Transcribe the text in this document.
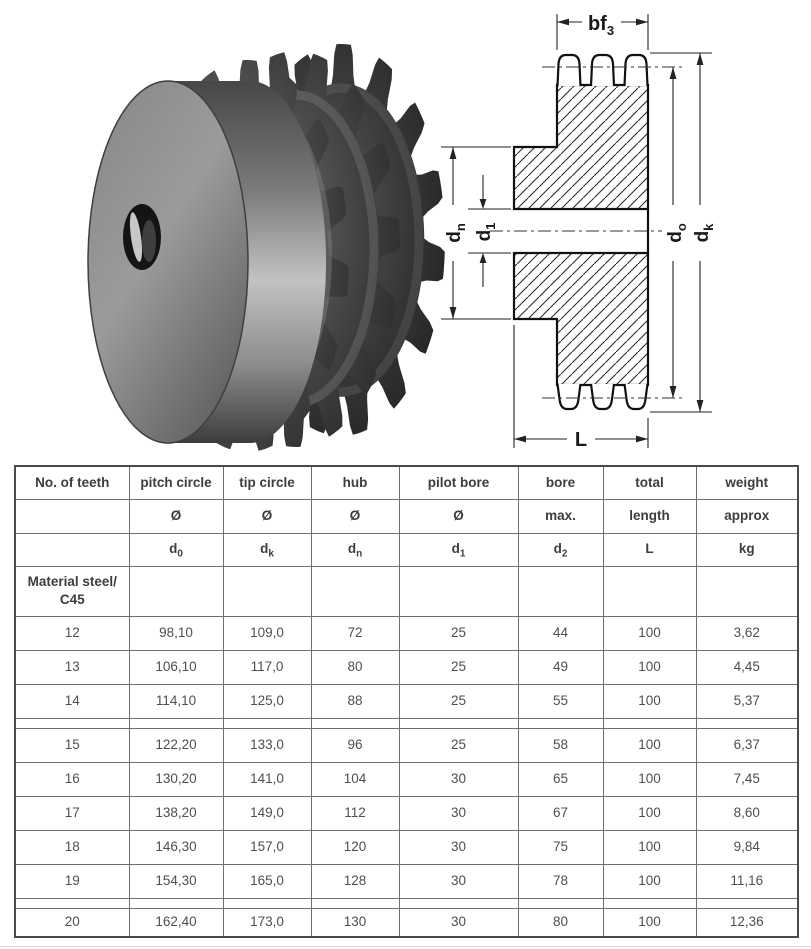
$bf_3$
$d_n$
$d_1$
$d_o$
$d_k$
L
No. of teeth	pitch circle	tip circle	hub	pilot bore	bore	total	weight
	Ø	Ø	Ø	Ø	max.	length	approx
	$d_0$	$d_k$	$d_n$	$d_1$	$d_2$	L	kg
Material steel/
C45							
12	98,10	109,0	72	25	44	100	3,62
13	106,10	117,0	80	25	49	100	4,45
14	114,10	125,0	88	25	55	100	5,37

15	122,20	133,0	96	25	58	100	6,37
16	130,20	141,0	104	30	65	100	7,45
17	138,20	149,0	112	30	67	100	8,60
18	146,30	157,0	120	30	75	100	9,84
19	154,30	165,0	128	30	78	100	11,16

20	162,40	173,0	130	30	80	100	12,36
